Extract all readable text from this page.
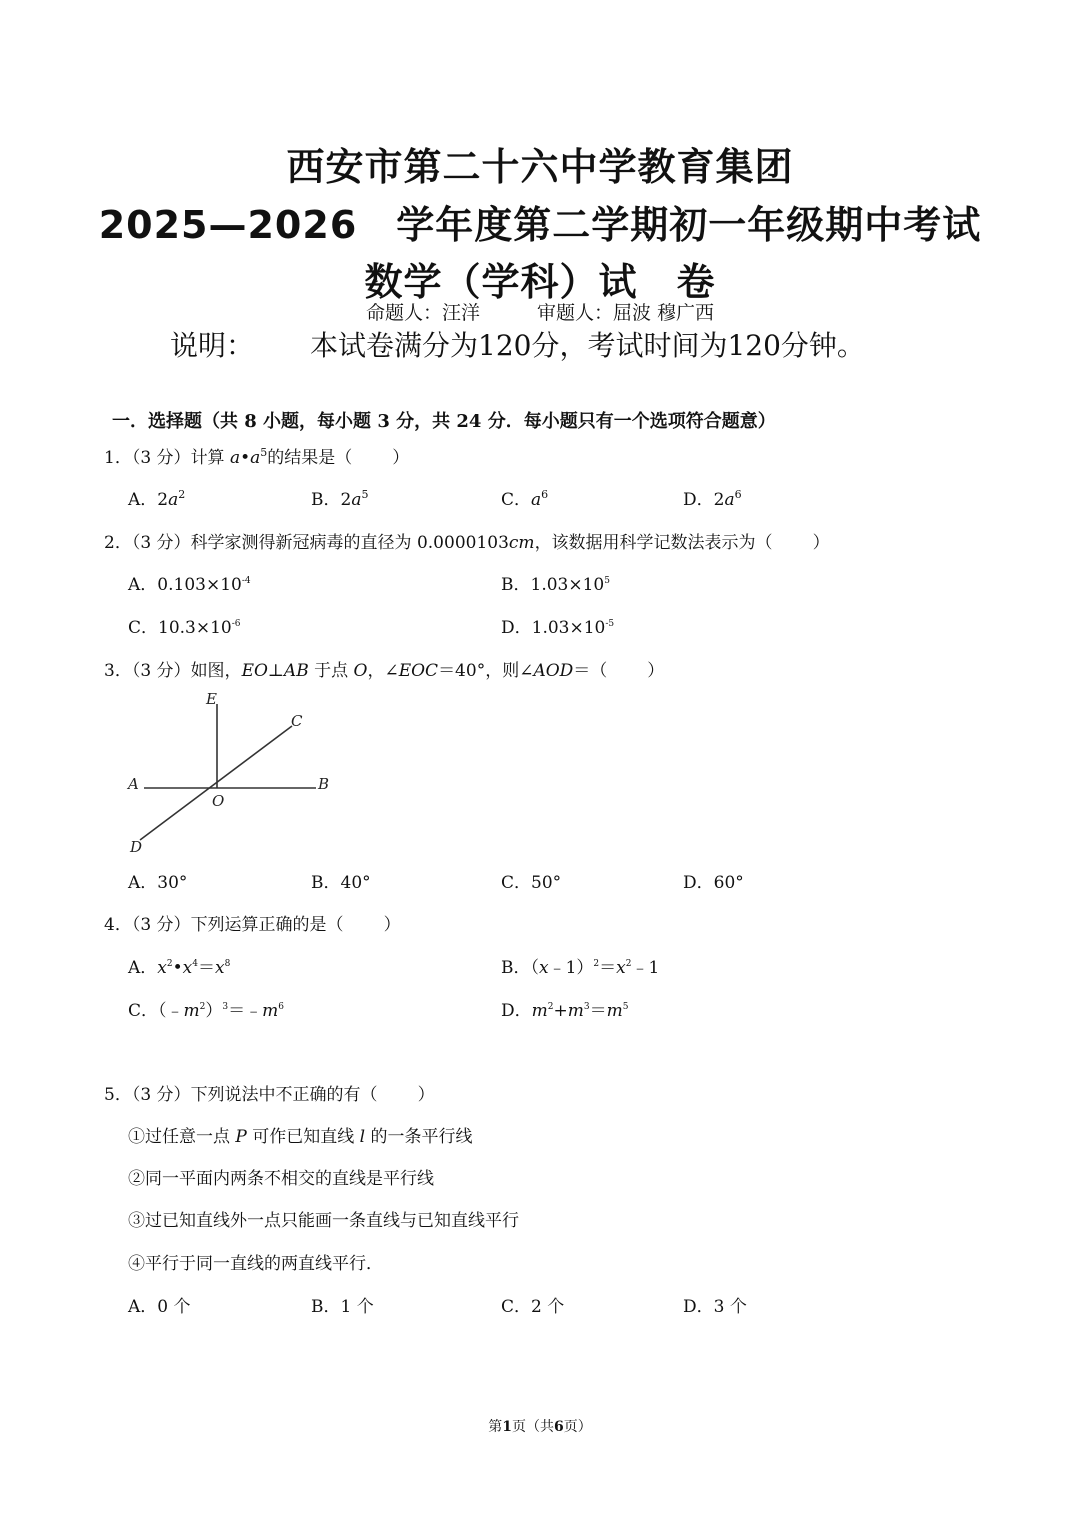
西安市第二十六中学教育集团
2025—2026　学年度第二学期初一年级期中考试
数学（学科）试　卷
命题人：汪洋　　　审题人：屈波 穆广西
说明： 本试卷满分为120分，考试时间为120分钟。
一．选择题（共 8 小题，每小题 3 分，共 24 分．每小题只有一个选项符合题意）
1．（3 分）计算 $a•a^5$的结果是（ ）
A．$2a^2$	B．$2a^5$	C．$a^6$	D．$2a^6$
2．（3 分）科学家测得新冠病毒的直径为 0.0000103cm，该数据用科学记数法表示为（ ）
A．$0.103\times 10^{-4}$	B．$1.03\times 10^5$
C．$10.3\times 10^{-6}$	D．$1.03\times 10^{-5}$
3．（3 分）如图，EO⊥AB 于点 O，∠EOC＝40°，则∠AOD＝（ ）
E
C
A	B
O
D
A．30°	B．40°	C．50°	D．60°
4．（3 分）下列运算正确的是（ ）
A．$x^2•x^4=x^8$	B．$(x﹣1)^2=x^2﹣1$
C．$(﹣m^2)^3=﹣m^6$	D．$m^2+m^3=m^5$
5．（3 分）下列说法中不正确的有（ ）
①过任意一点 P 可作已知直线 l 的一条平行线
②同一平面内两条不相交的直线是平行线
③过已知直线外一点只能画一条直线与已知直线平行
④平行于同一直线的两直线平行．
A．0 个	B．1 个	C．2 个	D．3 个
第1页（共6页）
